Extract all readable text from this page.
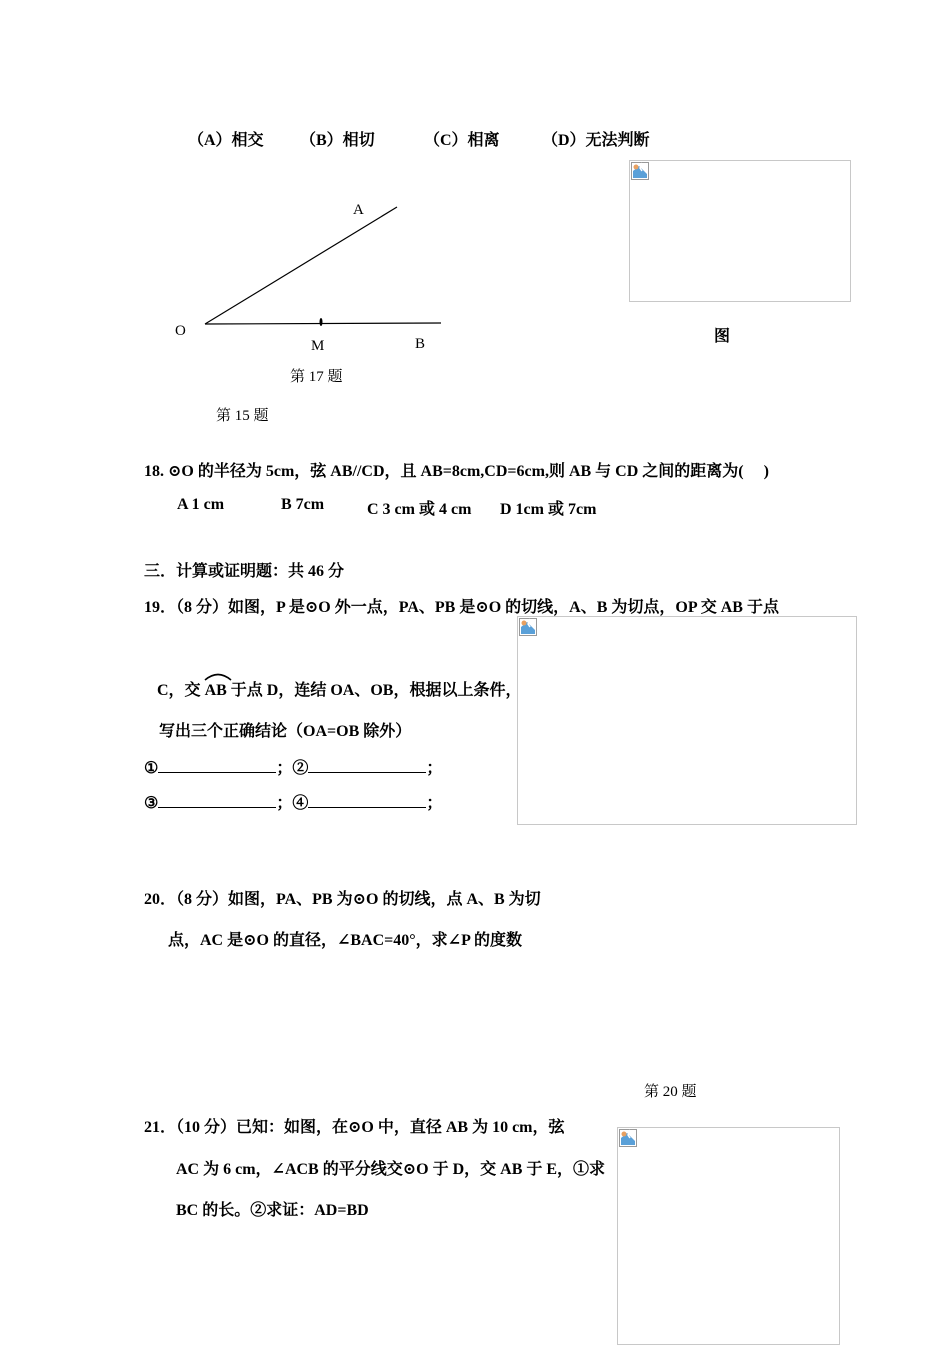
（A）相交 （B）相切	（C）相离	（D）无法判断
A
O
M	B
第 17 题
图
第 15 题
18. ⊙O 的半径为 5cm，弦 AB//CD，且 AB=8cm,CD=6cm,则 AB 与 CD 之间的距离为(　 )
A 1 cm	B 7cm	C 3 cm 或 4 cm D 1cm 或 7cm
三．计算或证明题：共 46 分
19．（8 分）如图，P 是⊙O 外一点，PA、PB 是⊙O 的切线，A、B 为切点，OP 交 AB 于点
C，交
AB 于点 D，连结 OA、OB，根据以上条件，
写出三个正确结论（OA=OB 除外）
①	；②	；
③	；④	；
20．（8 分）如图，PA、PB 为⊙O 的切线，点 A、B 为切
点，AC 是⊙O 的直径，∠BAC=40°，求∠P 的度数
第 20 题
21．（10 分）已知：如图，在⊙O 中，直径 AB 为 10 cm，弦
AC 为 6 cm，∠ACB 的平分线交⊙O 于 D，交 AB 于 E，①求
BC 的长。②求证：AD=BD
